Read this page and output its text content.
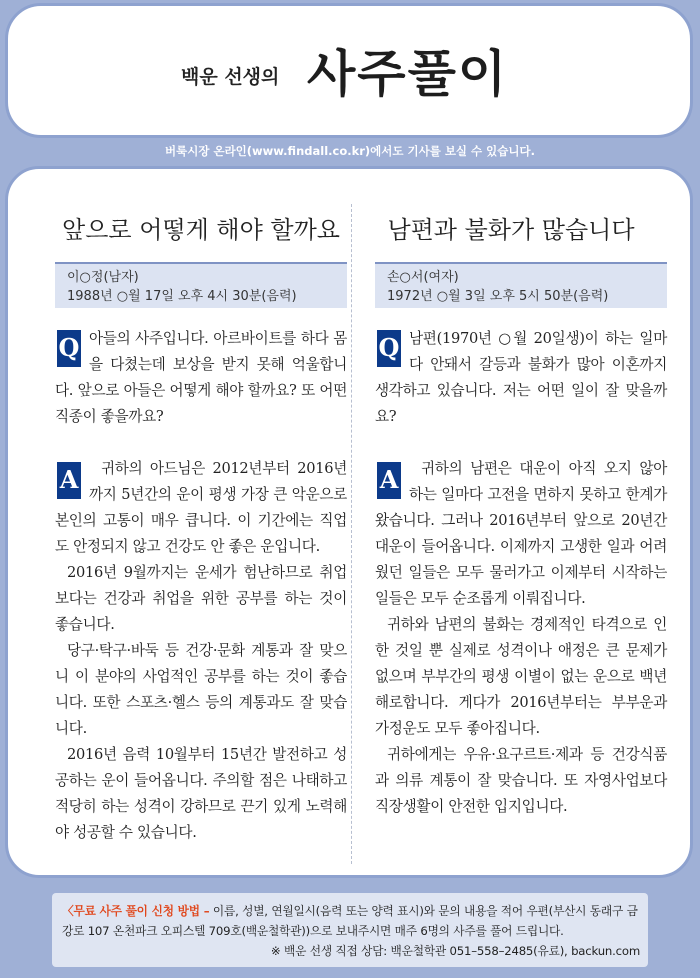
백운 선생의 사주풀이
버룩시장 온라인(www.findall.co.kr)에서도 기사를 보실 수 있습니다.
앞으로 어떻게 해야 할까요
이○정(남자)
1988년 ○월 17일 오후 4시 30분(음력)
Q 아들의 사주입니다. 아르바이트를 하다 몸을 다쳤는데 보상을 받지 못해 억울합니다. 앞으로 아들은 어떻게 해야 할까요? 또 어떤 직종이 좋을까요?

A	귀하의 아드님은 2012년부터 2016년까지 5년간의 운이 평생 가장 큰 악운으로 본인의 고통이 매우 큽니다. 이 기간에는 직업도 안정되지 않고 건강도 안 좋은 운입니다.

2016년 9월까지는 운세가 험난하므로 취업보다는 건강과 취업을 위한 공부를 하는 것이 좋습니다.

당구·탁구·바둑 등 건강·문화 계통과 잘 맞으니 이 분야의 사업적인 공부를 하는 것이 좋습니다. 또한 스포츠·헬스 등의 계통과도 잘 맞습니다.

2016년 음력 10월부터 15년간 발전하고 성공하는 운이 들어옵니다. 주의할 점은 나태하고 적당히 하는 성격이 강하므로 끈기 있게 노력해야 성공할 수 있습니다.

남편과 불화가 많습니다
손○서(여자)
1972년 ○월 3일 오후 5시 50분(음력)
Q 남편(1970년 ○월 20일생)이 하는 일마다 안돼서 갈등과 불화가 많아 이혼까지 생각하고 있습니다. 저는 어떤 일이 잘 맞을까요?

A	귀하의 남편은 대운이 아직 오지 않아 하는 일마다 고전을 면하지 못하고 한계가 왔습니다. 그러나 2016년부터 앞으로 20년간 대운이 들어옵니다. 이제까지 고생한 일과 어려웠던 일들은 모두 물러가고 이제부터 시작하는 일들은 모두 순조롭게 이뤄집니다.

귀하와 남편의 불화는 경제적인 타격으로 인한 것일 뿐 실제로 성격이나 애정은 큰 문제가 없으며 부부간의 평생 이별이 없는 운으로 백년해로합니다. 게다가 2016년부터는 부부운과 가정운도 모두 좋아집니다.

귀하에게는 우유·요구르트·제과 등 건강식품과 의류 계통이 잘 맞습니다. 또 자영사업보다 직장생활이 안전한 입지입니다.

〈무료 사주 풀이 신청 방법 – 이름, 성별, 연월일시(음력 또는 양력 표시)와 문의 내용을 적어 우편(부산시 동래구 금강로 107 온천파크 오피스텔 709호(백운철학관))으로 보내주시면 매주 6명의 사주를 풀어 드립니다.
※ 백운 선생 직접 상담: 백운철학관 051–558–2485(유료), backun.com
